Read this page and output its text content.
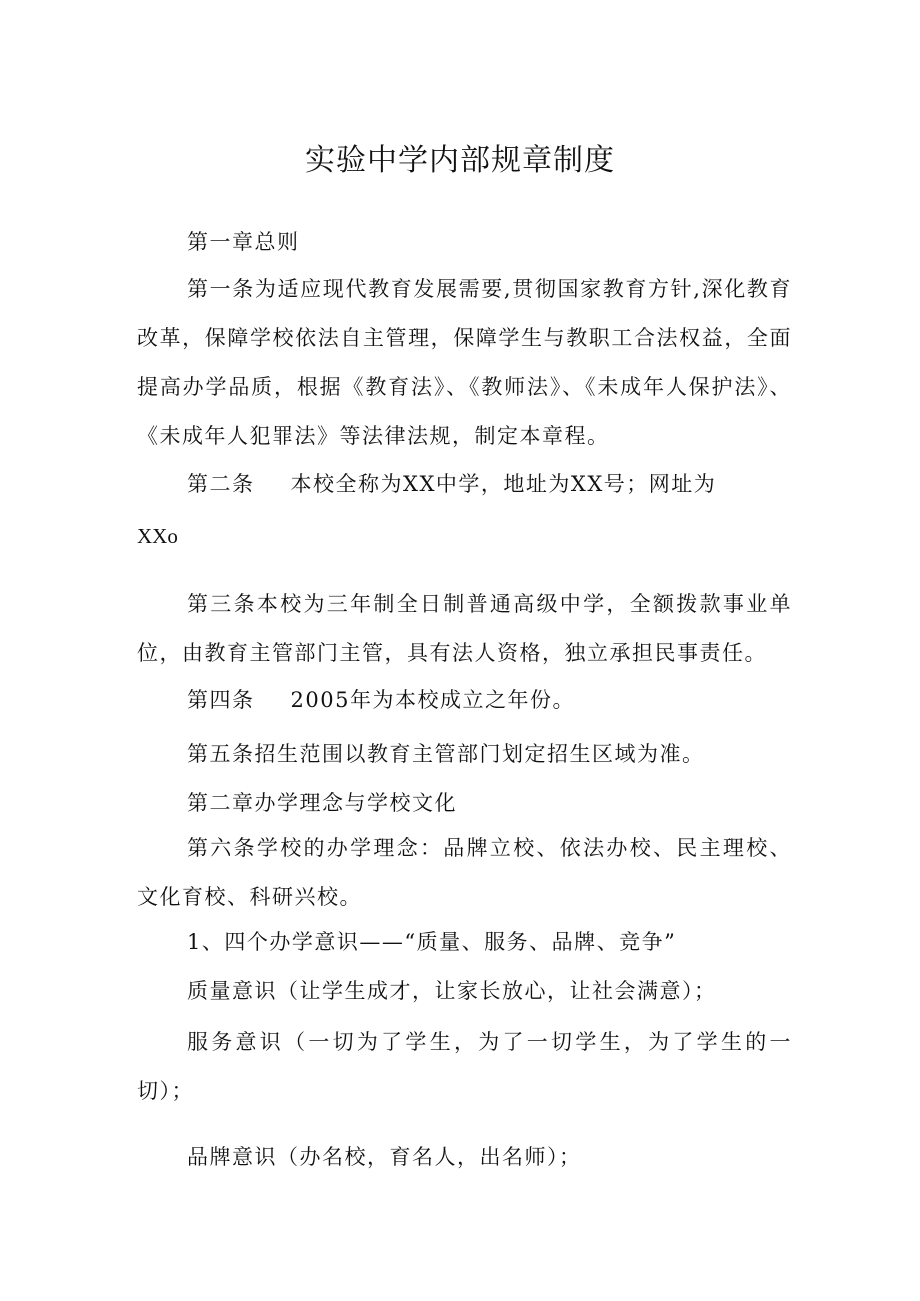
实验中学内部规章制度
第一章总则
第一条为适应现代教育发展需要,贯彻国家教育方针,深化教育改革，保障学校依法自主管理，保障学生与教职工合法权益，全面提高办学品质，根据《教育法》、《教师法》、《未成年人保护法》、《未成年人犯罪法》等法律法规，制定本章程。
第二条 本校全称为XX中学，地址为XX号；网址为
XXo
第三条本校为三年制全日制普通高级中学，全额拨款事业单位，由教育主管部门主管，具有法人资格，独立承担民事责任。
第四条 2005年为本校成立之年份。
第五条招生范围以教育主管部门划定招生区域为准。
第二章办学理念与学校文化
第六条学校的办学理念：品牌立校、依法办校、民主理校、文化育校、科研兴校。
1、四个办学意识——“质量、服务、品牌、竞争”
质量意识（让学生成才，让家长放心，让社会满意）；
服务意识（一切为了学生，为了一切学生，为了学生的一切）；
品牌意识（办名校，育名人，出名师）；
